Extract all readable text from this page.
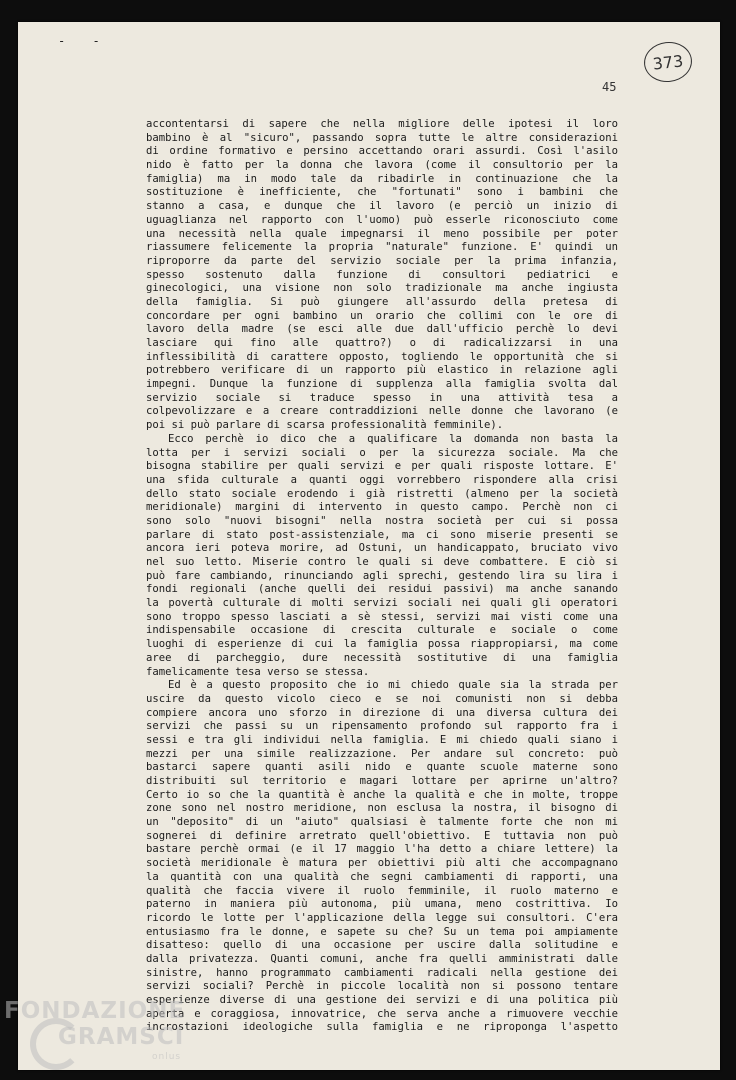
- -
373
45
accontentarsi di sapere che nella migliore delle ipotesi il loro
bambino è al "sicuro", passando sopra tutte le altre considerazioni
di ordine formativo e persino accettando orari assurdi. Così l'asilo
nido è fatto per la donna che lavora (come il consultorio per la
famiglia) ma in modo tale da ribadirle in continuazione che la
sostituzione è inefficiente, che "fortunati" sono i bambini che
stanno a casa, e dunque che il lavoro (e perciò un inizio di
uguaglianza nel rapporto con l'uomo) può esserle riconosciuto come
una necessità nella quale impegnarsi il meno possibile per poter
riassumere felicemente la propria "naturale" funzione. E' quindi un
riproporre da parte del servizio sociale per la prima infanzia,
spesso sostenuto dalla funzione di consultori pediatrici e
ginecologici, una visione non solo tradizionale ma anche ingiusta
della famiglia. Si può giungere all'assurdo della pretesa di
concordare per ogni bambino un orario che collimi con le ore di
lavoro della madre (se esci alle due dall'ufficio perchè lo devi
lasciare qui fino alle quattro?) o di radicalizzarsi in una
inflessibilità di carattere opposto, togliendo le opportunità che si
potrebbero verificare di un rapporto più elastico in relazione agli
impegni. Dunque la funzione di supplenza alla famiglia svolta dal
servizio sociale si traduce spesso in una attività tesa a
colpevolizzare e a creare contraddizioni nelle donne che lavorano (e
poi si può parlare di scarsa professionalità femminile).
Ecco perchè io dico che a qualificare la domanda non basta la
lotta per i servizi sociali o per la sicurezza sociale. Ma che
bisogna stabilire per quali servizi e per quali risposte lottare. E'
una sfida culturale a quanti oggi vorrebbero rispondere alla crisi
dello stato sociale erodendo i già ristretti (almeno per la società
meridionale) margini di intervento in questo campo. Perchè non ci
sono solo "nuovi bisogni" nella nostra società per cui si possa
parlare di stato post-assistenziale, ma ci sono miserie presenti se
ancora ieri poteva morire, ad Ostuni, un handicappato, bruciato vivo
nel suo letto. Miserie contro le quali si deve combattere. E ciò si
può fare cambiando, rinunciando agli sprechi, gestendo lira su lira i
fondi regionali (anche quelli dei residui passivi) ma anche sanando
la povertà culturale di molti servizi sociali nei quali gli operatori
sono troppo spesso lasciati a sè stessi, servizi mai visti come una
indispensabile occasione di crescita culturale e sociale o come
luoghi di esperienze di cui la famiglia possa riappropiarsi, ma come
aree di parcheggio, dure necessità sostitutive di una famiglia
famelicamente tesa verso se stessa.
Ed è a questo proposito che io mi chiedo quale sia la strada per
uscire da questo vicolo cieco e se noi comunisti non si debba
compiere ancora uno sforzo in direzione di una diversa cultura dei
servizi che passi su un ripensamento profondo sul rapporto fra i
sessi e tra gli individui nella famiglia. E mi chiedo quali siano i
mezzi per una simile realizzazione. Per andare sul concreto: può
bastarci sapere quanti asili nido e quante scuole materne sono
distribuiti sul territorio e magari lottare per aprirne un'altro?
Certo io so che la quantità è anche la qualità e che in molte, troppe
zone sono nel nostro meridione, non esclusa la nostra, il bisogno di
un "deposito" di un "aiuto" qualsiasi è talmente forte che non mi
sognerei di definire arretrato quell'obiettivo. E tuttavia non può
bastare perchè ormai (e il 17 maggio l'ha detto a chiare lettere) la
società meridionale è matura per obiettivi più alti che accompagnano
la quantità con una qualità che segni cambiamenti di rapporti, una
qualità che faccia vivere il ruolo femminile, il ruolo materno e
paterno in maniera più autonoma, più umana, meno costrittiva. Io
ricordo le lotte per l'applicazione della legge sui consultori. C'era
entusiasmo fra le donne, e sapete su che? Su un tema poi ampiamente
disatteso: quello di una occasione per uscire dalla solitudine e
dalla privatezza. Quanti comuni, anche fra quelli amministrati dalle
sinistre, hanno programmato cambiamenti radicali nella gestione dei
servizi sociali? Perchè in piccole località non si possono tentare
esperienze diverse di una gestione dei servizi e di una politica più
aperta e coraggiosa, innovatrice, che serva anche a rimuovere vecchie
incrostazioni ideologiche sulla famiglia e ne riproponga l'aspetto
FONDAZIONE
GRAMSCI
onlus
